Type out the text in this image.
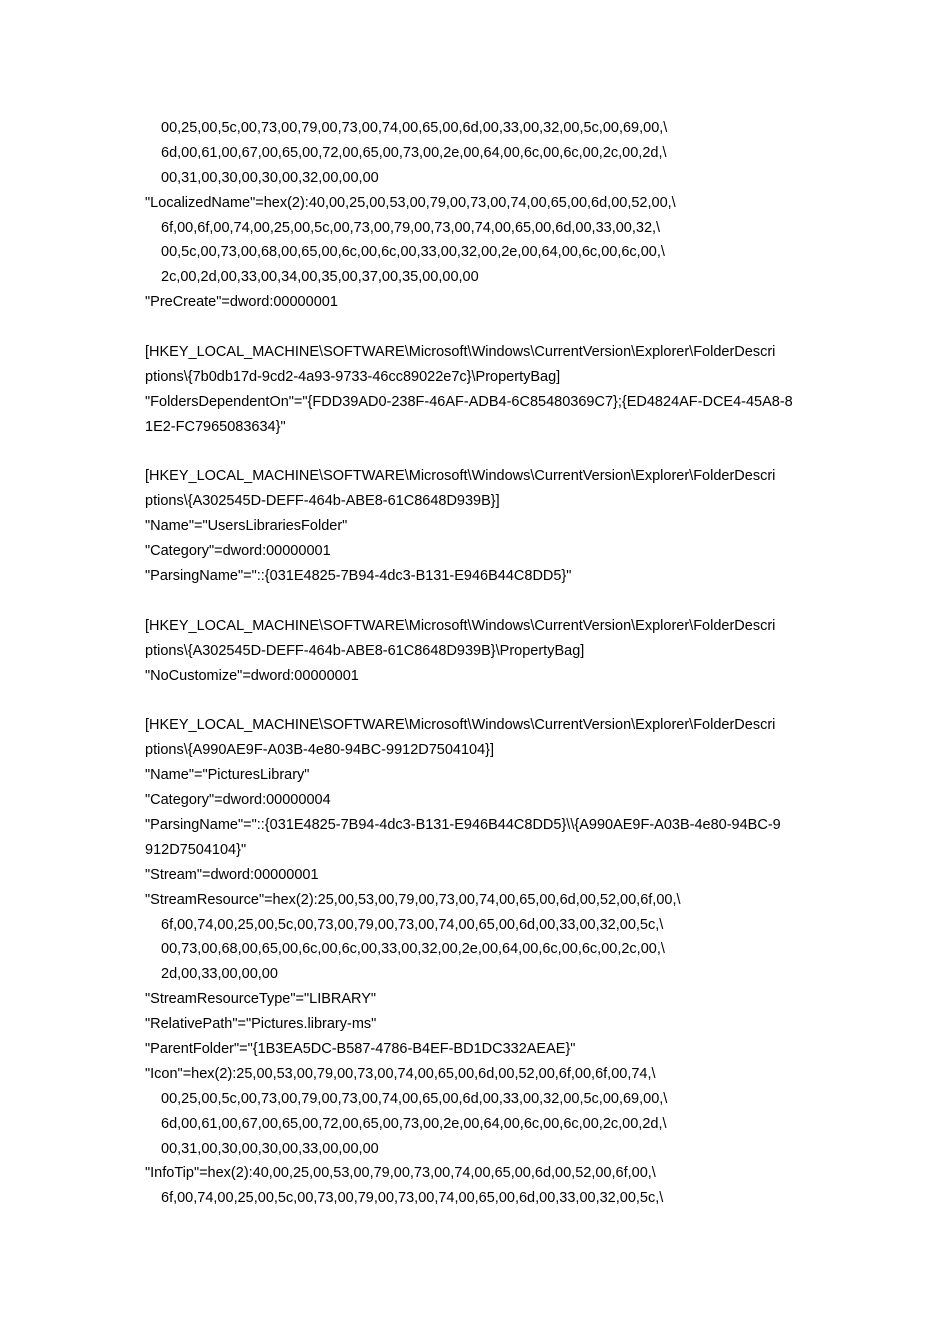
00,25,00,5c,00,73,00,79,00,73,00,74,00,65,00,6d,00,33,00,32,00,5c,00,69,00,\
6d,00,61,00,67,00,65,00,72,00,65,00,73,00,2e,00,64,00,6c,00,6c,00,2c,00,2d,\
00,31,00,30,00,30,00,32,00,00,00
"LocalizedName"=hex(2):40,00,25,00,53,00,79,00,73,00,74,00,65,00,6d,00,52,00,\
6f,00,6f,00,74,00,25,00,5c,00,73,00,79,00,73,00,74,00,65,00,6d,00,33,00,32,\
00,5c,00,73,00,68,00,65,00,6c,00,6c,00,33,00,32,00,2e,00,64,00,6c,00,6c,00,\
2c,00,2d,00,33,00,34,00,35,00,37,00,35,00,00,00
"PreCreate"=dword:00000001
[HKEY_LOCAL_MACHINE\SOFTWARE\Microsoft\Windows\CurrentVersion\Explorer\FolderDescri
ptions\{7b0db17d-9cd2-4a93-9733-46cc89022e7c}\PropertyBag]
"FoldersDependentOn"="{FDD39AD0-238F-46AF-ADB4-6C85480369C7};{ED4824AF-DCE4-45A8-8
1E2-FC7965083634}"
[HKEY_LOCAL_MACHINE\SOFTWARE\Microsoft\Windows\CurrentVersion\Explorer\FolderDescri
ptions\{A302545D-DEFF-464b-ABE8-61C8648D939B}]
"Name"="UsersLibrariesFolder"
"Category"=dword:00000001
"ParsingName"="::{031E4825-7B94-4dc3-B131-E946B44C8DD5}"
[HKEY_LOCAL_MACHINE\SOFTWARE\Microsoft\Windows\CurrentVersion\Explorer\FolderDescri
ptions\{A302545D-DEFF-464b-ABE8-61C8648D939B}\PropertyBag]
"NoCustomize"=dword:00000001
[HKEY_LOCAL_MACHINE\SOFTWARE\Microsoft\Windows\CurrentVersion\Explorer\FolderDescri
ptions\{A990AE9F-A03B-4e80-94BC-9912D7504104}]
"Name"="PicturesLibrary"
"Category"=dword:00000004
"ParsingName"="::{031E4825-7B94-4dc3-B131-E946B44C8DD5}\\{A990AE9F-A03B-4e80-94BC-9
912D7504104}"
"Stream"=dword:00000001
"StreamResource"=hex(2):25,00,53,00,79,00,73,00,74,00,65,00,6d,00,52,00,6f,00,\
6f,00,74,00,25,00,5c,00,73,00,79,00,73,00,74,00,65,00,6d,00,33,00,32,00,5c,\
00,73,00,68,00,65,00,6c,00,6c,00,33,00,32,00,2e,00,64,00,6c,00,6c,00,2c,00,\
2d,00,33,00,00,00
"StreamResourceType"="LIBRARY"
"RelativePath"="Pictures.library-ms"
"ParentFolder"="{1B3EA5DC-B587-4786-B4EF-BD1DC332AEAE}"
"Icon"=hex(2):25,00,53,00,79,00,73,00,74,00,65,00,6d,00,52,00,6f,00,6f,00,74,\
00,25,00,5c,00,73,00,79,00,73,00,74,00,65,00,6d,00,33,00,32,00,5c,00,69,00,\
6d,00,61,00,67,00,65,00,72,00,65,00,73,00,2e,00,64,00,6c,00,6c,00,2c,00,2d,\
00,31,00,30,00,30,00,33,00,00,00
"InfoTip"=hex(2):40,00,25,00,53,00,79,00,73,00,74,00,65,00,6d,00,52,00,6f,00,\
6f,00,74,00,25,00,5c,00,73,00,79,00,73,00,74,00,65,00,6d,00,33,00,32,00,5c,\
